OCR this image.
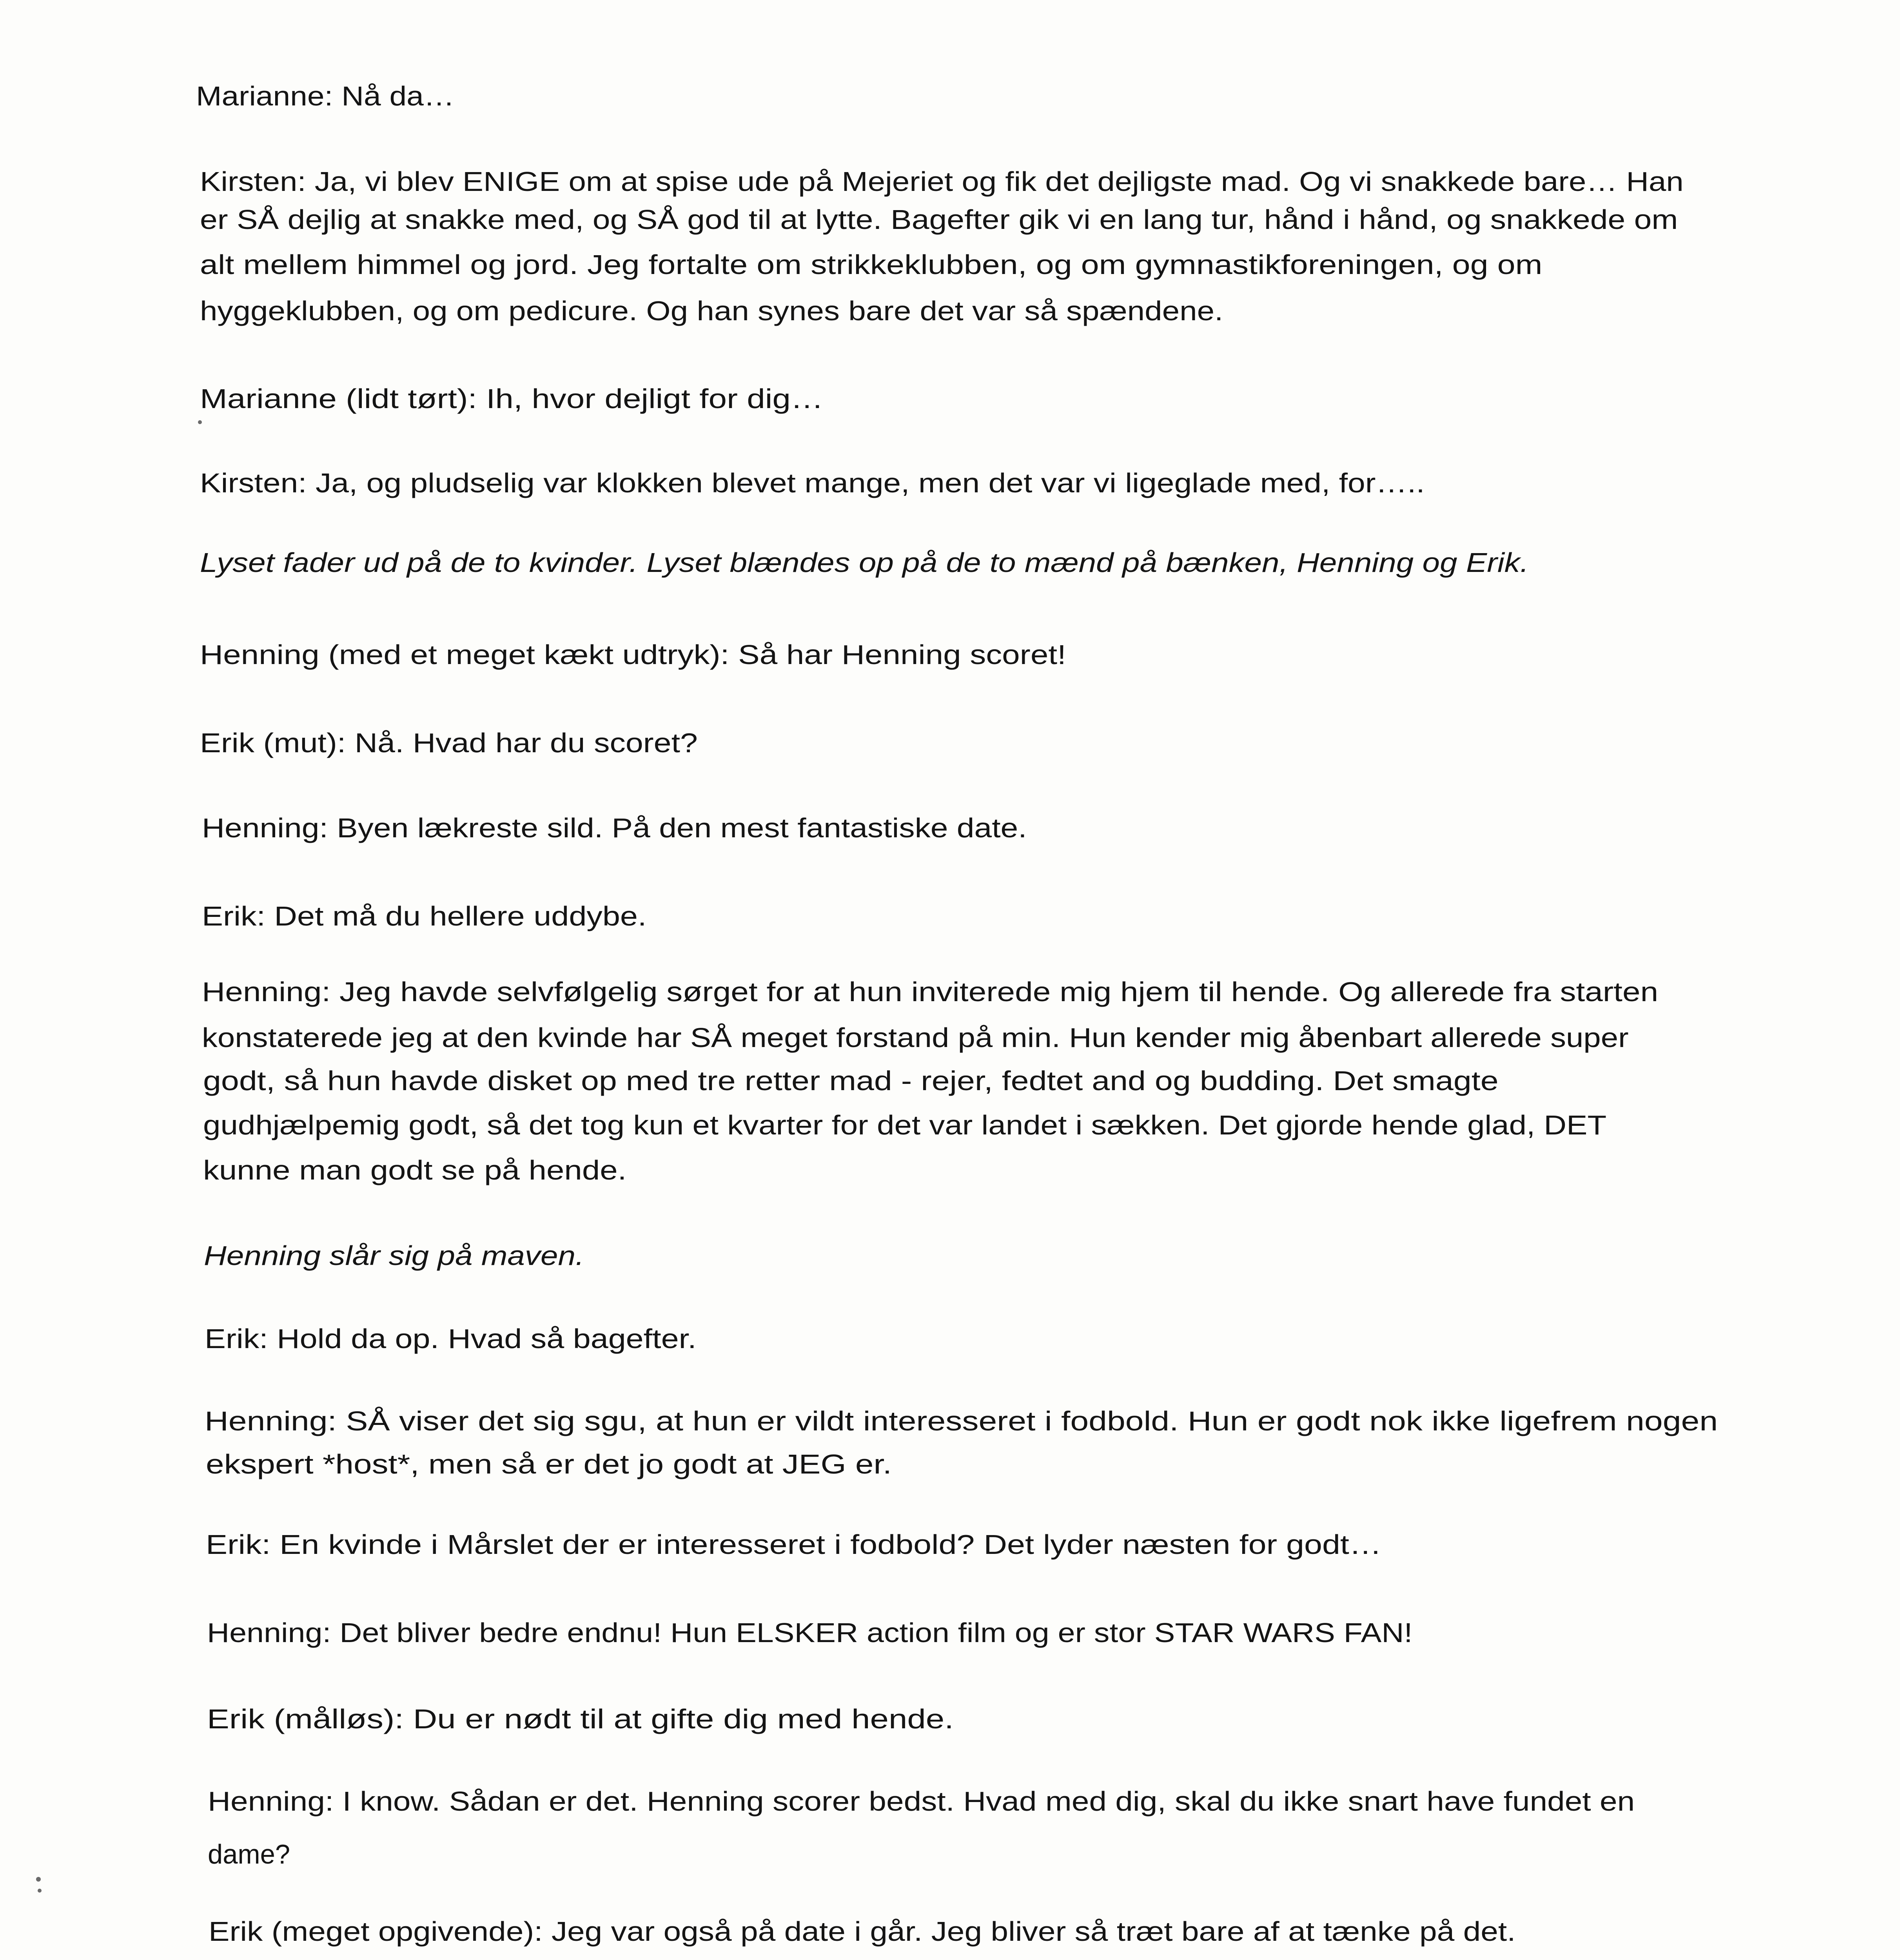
Marianne: Nå da…
Kirsten: Ja, vi blev ENIGE om at spise ude på Mejeriet og fik det dejligste mad. Og vi snakkede bare… Han
er SÅ dejlig at snakke med, og SÅ god til at lytte. Bagefter gik vi en lang tur, hånd i hånd, og snakkede om
alt mellem himmel og jord. Jeg fortalte om strikkeklubben, og om gymnastikforeningen, og om
hyggeklubben, og om pedicure. Og han synes bare det var så spændene.
Marianne (lidt tørt): Ih, hvor dejligt for dig…
Kirsten: Ja, og pludselig var klokken blevet mange, men det var vi ligeglade med, for…..
Lyset fader ud på de to kvinder. Lyset blændes op på de to mænd på bænken, Henning og Erik.
Henning (med et meget kækt udtryk): Så har Henning scoret!
Erik (mut): Nå. Hvad har du scoret?
Henning: Byen lækreste sild. På den mest fantastiske date.
Erik: Det må du hellere uddybe.
Henning: Jeg havde selvfølgelig sørget for at hun inviterede mig hjem til hende. Og allerede fra starten
konstaterede jeg at den kvinde har SÅ meget forstand på min. Hun kender mig åbenbart allerede super
godt, så hun havde disket op med tre retter mad - rejer, fedtet and og budding. Det smagte
gudhjælpemig godt, så det tog kun et kvarter for det var landet i sækken. Det gjorde hende glad, DET
kunne man godt se på hende.
Henning slår sig på maven.
Erik: Hold da op. Hvad så bagefter.
Henning: SÅ viser det sig sgu, at hun er vildt interesseret i fodbold. Hun er godt nok ikke ligefrem nogen
ekspert *host*, men så er det jo godt at JEG er.
Erik: En kvinde i Mårslet der er interesseret i fodbold? Det lyder næsten for godt…
Henning: Det bliver bedre endnu! Hun ELSKER action film og er stor STAR WARS FAN!
Erik (målløs): Du er nødt til at gifte dig med hende.
Henning: I know. Sådan er det. Henning scorer bedst. Hvad med dig, skal du ikke snart have fundet en
dame?
Erik (meget opgivende): Jeg var også på date i går. Jeg bliver så træt bare af at tænke på det.
